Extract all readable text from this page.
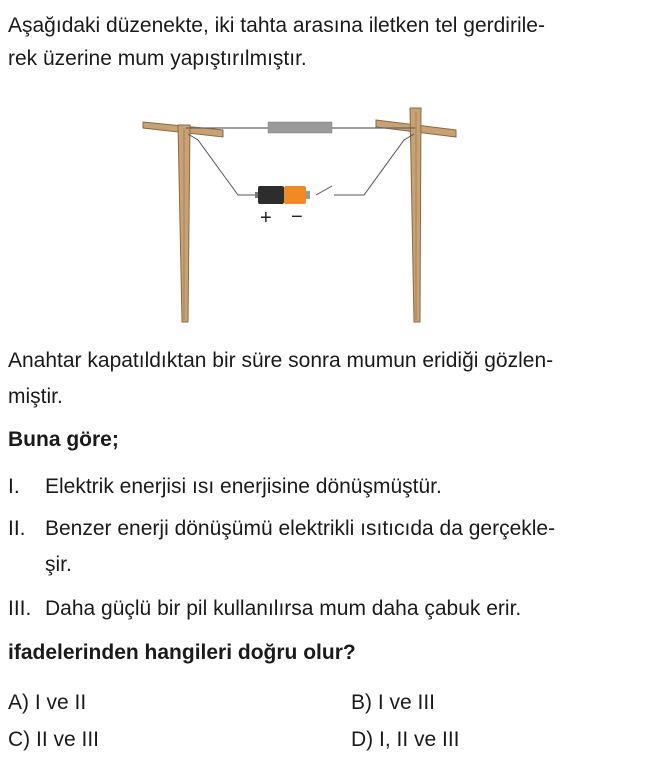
Aşağıdaki düzenekte, iki tahta arasına iletken tel gerdirile-
rek üzerine mum yapıştırılmıştır.
+ −
Anahtar kapatıldıktan bir süre sonra mumun eridiği gözlen-
miştir.
Buna göre;
I. Elektrik enerjisi ısı enerjisine dönüşmüştür.
II. Benzer enerji dönüşümü elektrikli ısıtıcıda da gerçekle-
şir.
III. Daha güçlü bir pil kullanılırsa mum daha çabuk erir.
ifadelerinden hangileri doğru olur?
A) I ve II	B) I ve III
C) II ve III	D) I, II ve III
